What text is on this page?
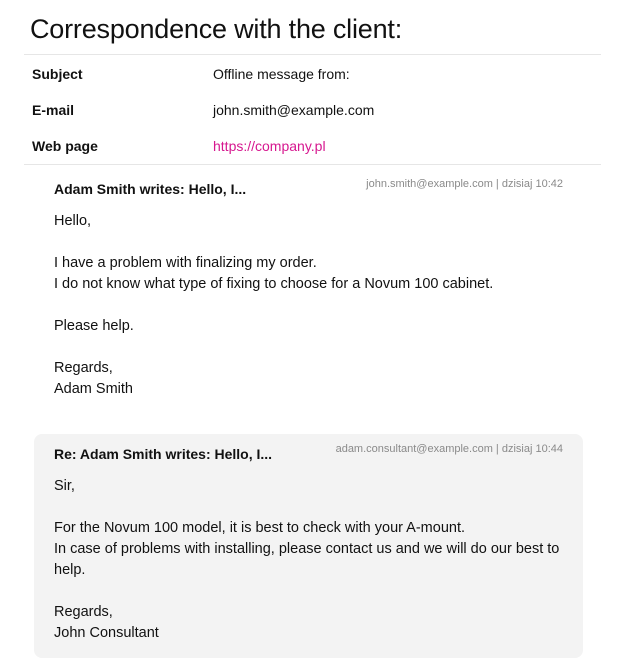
Correspondence with the client:
Subject	Offline message from:
E-mail	john.smith@example.com
Web page	https://company.pl
Adam Smith writes: Hello, I...	john.smith@example.com | dzisiaj 10:42

Hello,

I have a problem with finalizing my order.
I do not know what type of fixing to choose for a Novum 100 cabinet.

Please help.

Regards,
Adam Smith

Re: Adam Smith writes: Hello, I...	adam.consultant@example.com | dzisiaj 10:44

Sir,

For the Novum 100 model, it is best to check with your A-mount.
In case of problems with installing, please contact us and we will do our best to help.

Regards,
John Consultant
